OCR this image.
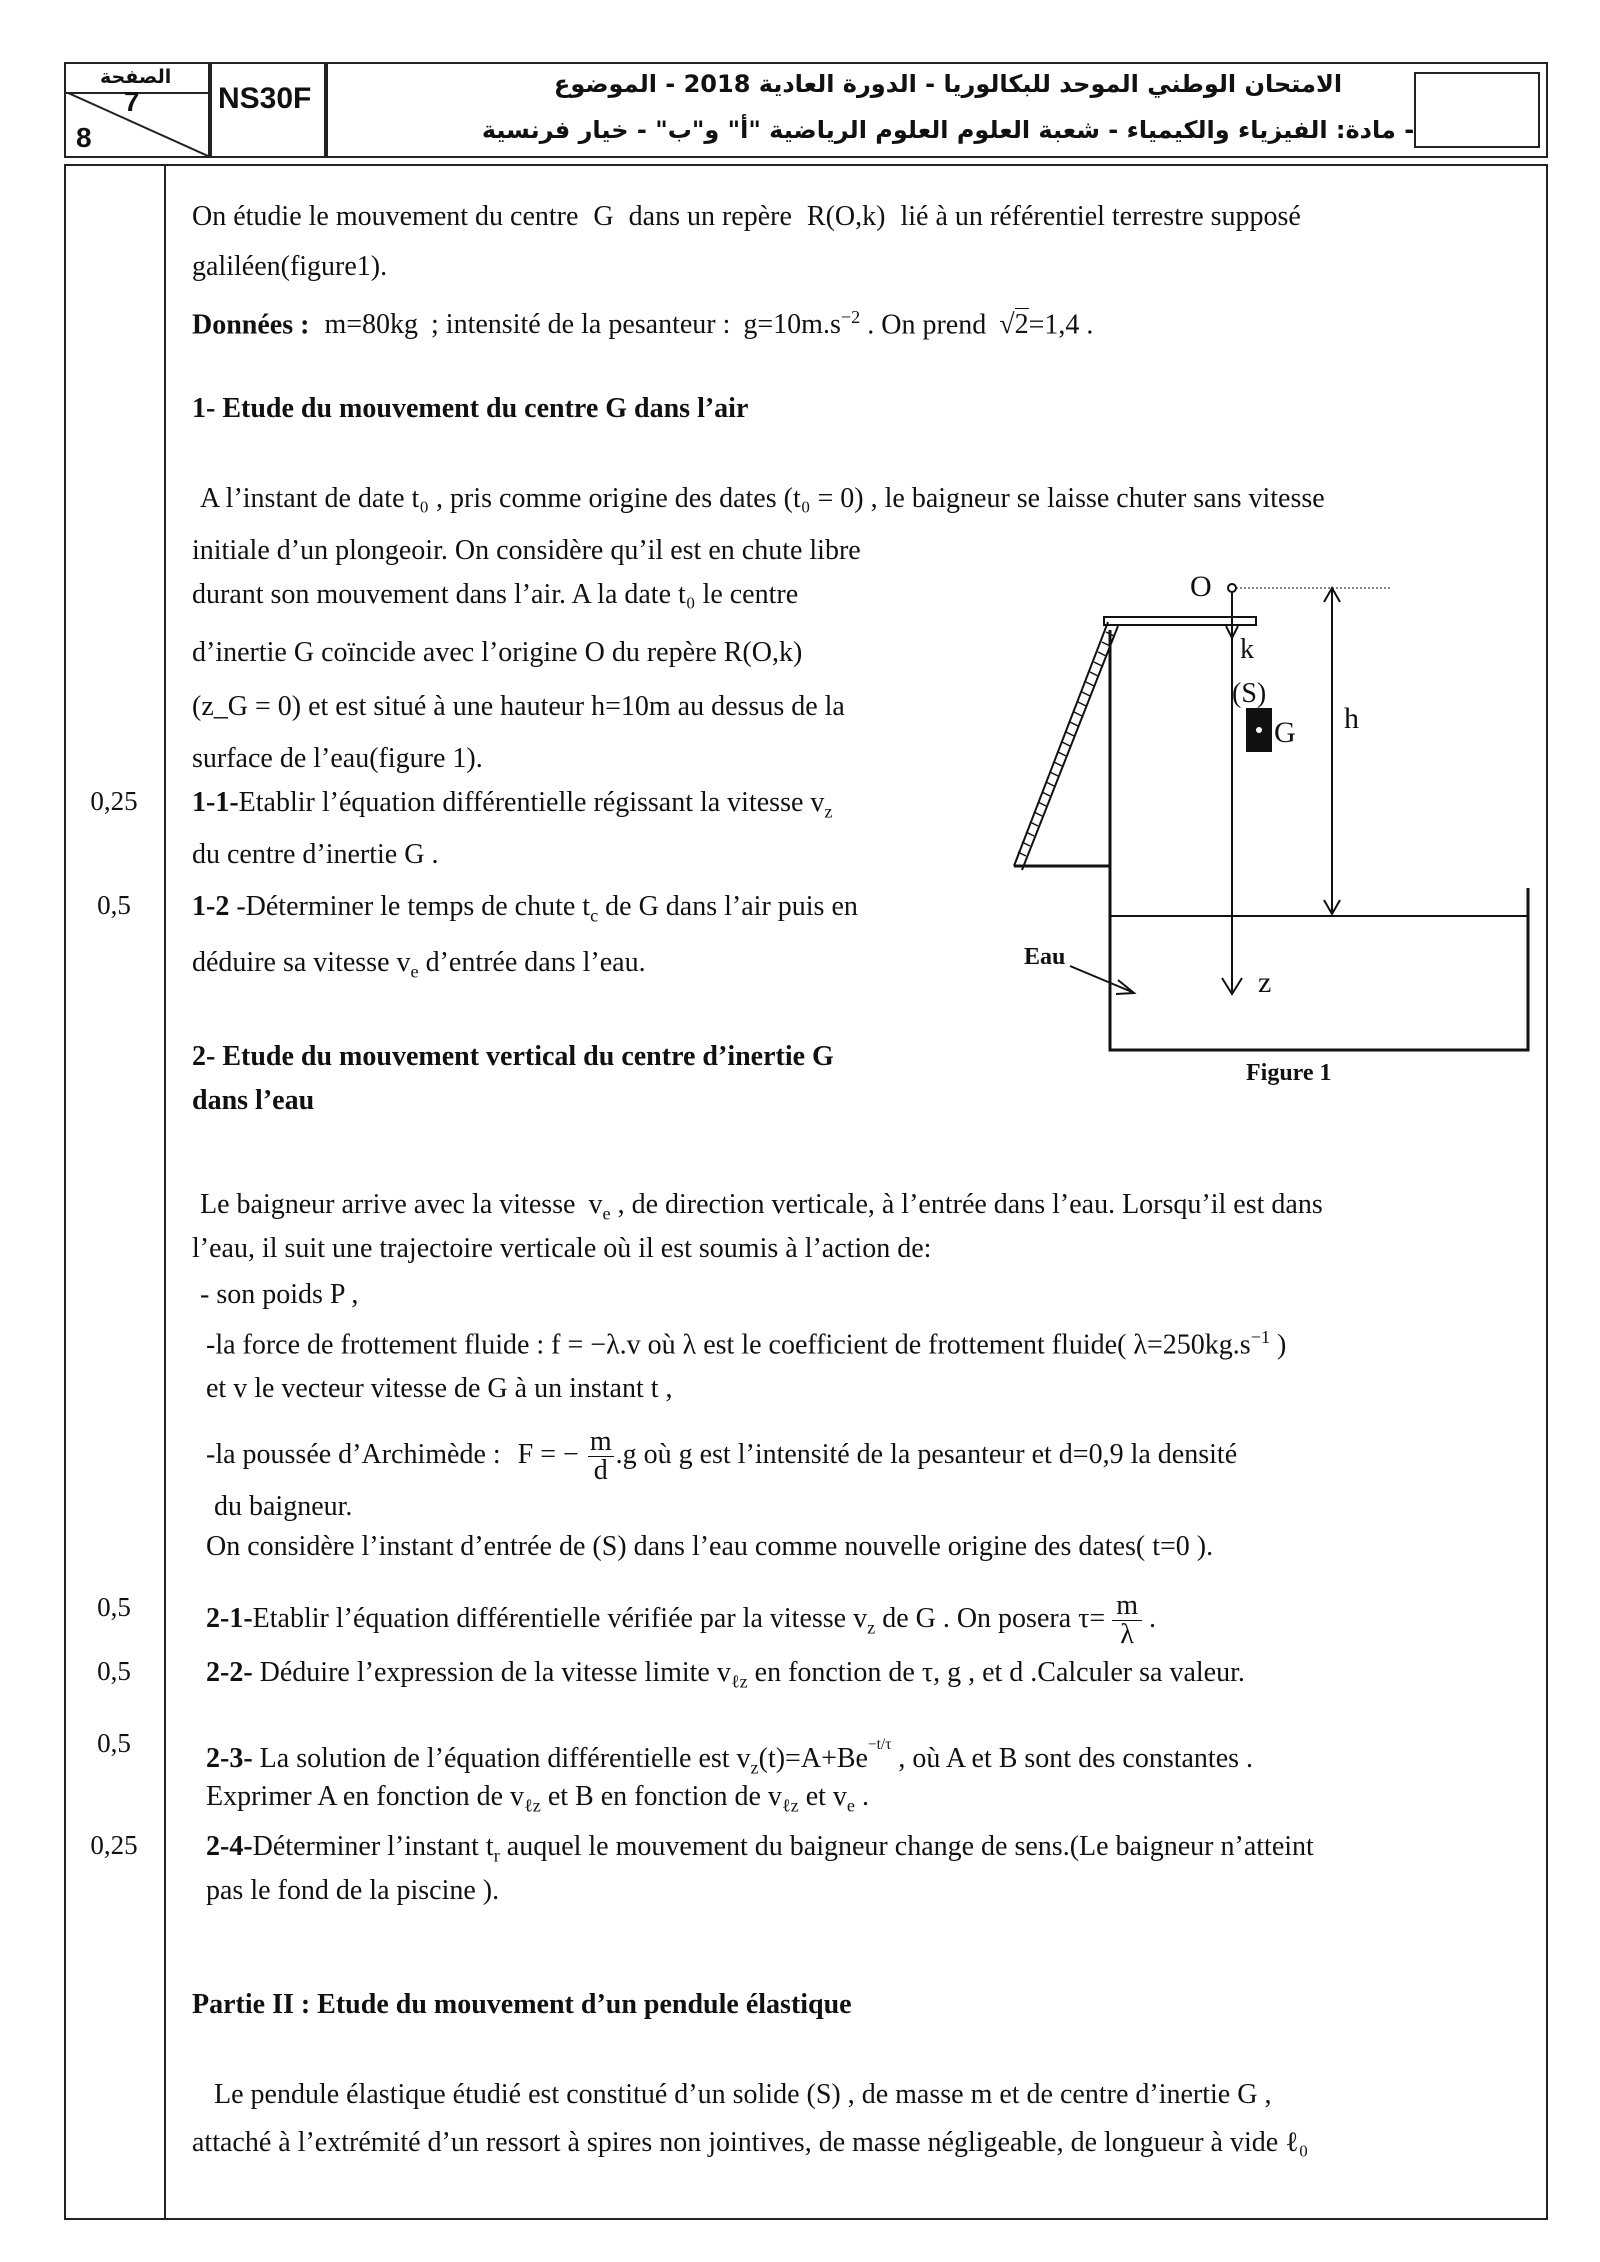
الصفحة
7
8
NS30F	الامتحان الوطني الموحد للبكالوريا - الدورة العادية 2018 - الموضوع
- مادة: الفيزياء والكيمياء - شعبة العلوم العلوم الرياضية "أ" و"ب" - خيار فرنسية
0,25
0,5
0,5
0,5
0,5
0,25
On étudie le mouvement du centre G dans un repère R(O,k) lié à un référentiel terrestre supposé
galiléen(figure1).
Données : m=80kg ; intensité de la pesanteur : $g=10m.s^{-2}$ . On prend √2=1,4 .
1- Etude du mouvement du centre G dans l’air
A l’instant de date t₀ , pris comme origine des dates (t₀ = 0) , le baigneur se laisse chuter sans vitesse
initiale d’un plongeoir. On considère qu’il est en chute libre
durant son mouvement dans l’air. A la date t₀ le centre
d’inertie G coïncide avec l’origine O du repère R(O,k)
(z_G = 0) et est situé à une hauteur h=10m au dessus de la
surface de l’eau(figure 1).
1-1-Etablir l’équation différentielle régissant la vitesse $v_z$
du centre d’inertie G .
1-2 -Déterminer le temps de chute $t_c$ de G dans l’air puis en
déduire sa vitesse $v_e$ d’entrée dans l’eau.
2- Etude du mouvement vertical du centre d’inertie G
dans l’eau
Le baigneur arrive avec la vitesse $v_e$ , de direction verticale, à l’entrée dans l’eau. Lorsqu’il est dans
l’eau, il suit une trajectoire verticale où il est soumis à l’action de:
- son poids P ,
-la force de frottement fluide : f = −λ.v où λ est le coefficient de frottement fluide( $\lambda=250kg.s^{-1}$ )
et v le vecteur vitesse de G à un instant t ,
-la poussée d’Archimède : F = − $\frac{m}{d} .g$ où g est l’intensité de la pesanteur et d=0,9 la densité
du baigneur.
On considère l’instant d’entrée de (S) dans l’eau comme nouvelle origine des dates( t=0 ).
2-1-Etablir l’équation différentielle vérifiée par la vitesse $v_z$ de G . On posera $\tau= \frac{m}{\lambda}$ .
2-2- Déduire l’expression de la vitesse limite $v_{\ell z}$ en fonction de τ, g , et d .Calculer sa valeur.
2-3- La solution de l’équation différentielle est $v_z(t)=A+Be^{-t/\tau}$ , où A et B sont des constantes .
Exprimer A en fonction de $v_{\ell z}$ et B en fonction de $v_{\ell z}$ et $v_e$ .
2-4-Déterminer l’instant $t_r$ auquel le mouvement du baigneur change de sens.(Le baigneur n’atteint
pas le fond de la piscine ).
Partie II : Etude du mouvement d’un pendule élastique
Le pendule élastique étudié est constitué d’un solide (S) , de masse m et de centre d’inertie G ,
attaché à l’extrémité d’un ressort à spires non jointives, de masse négligeable, de longueur à vide ℓ₀
O
k
(S)
G h
z
Eau
Figure 1
